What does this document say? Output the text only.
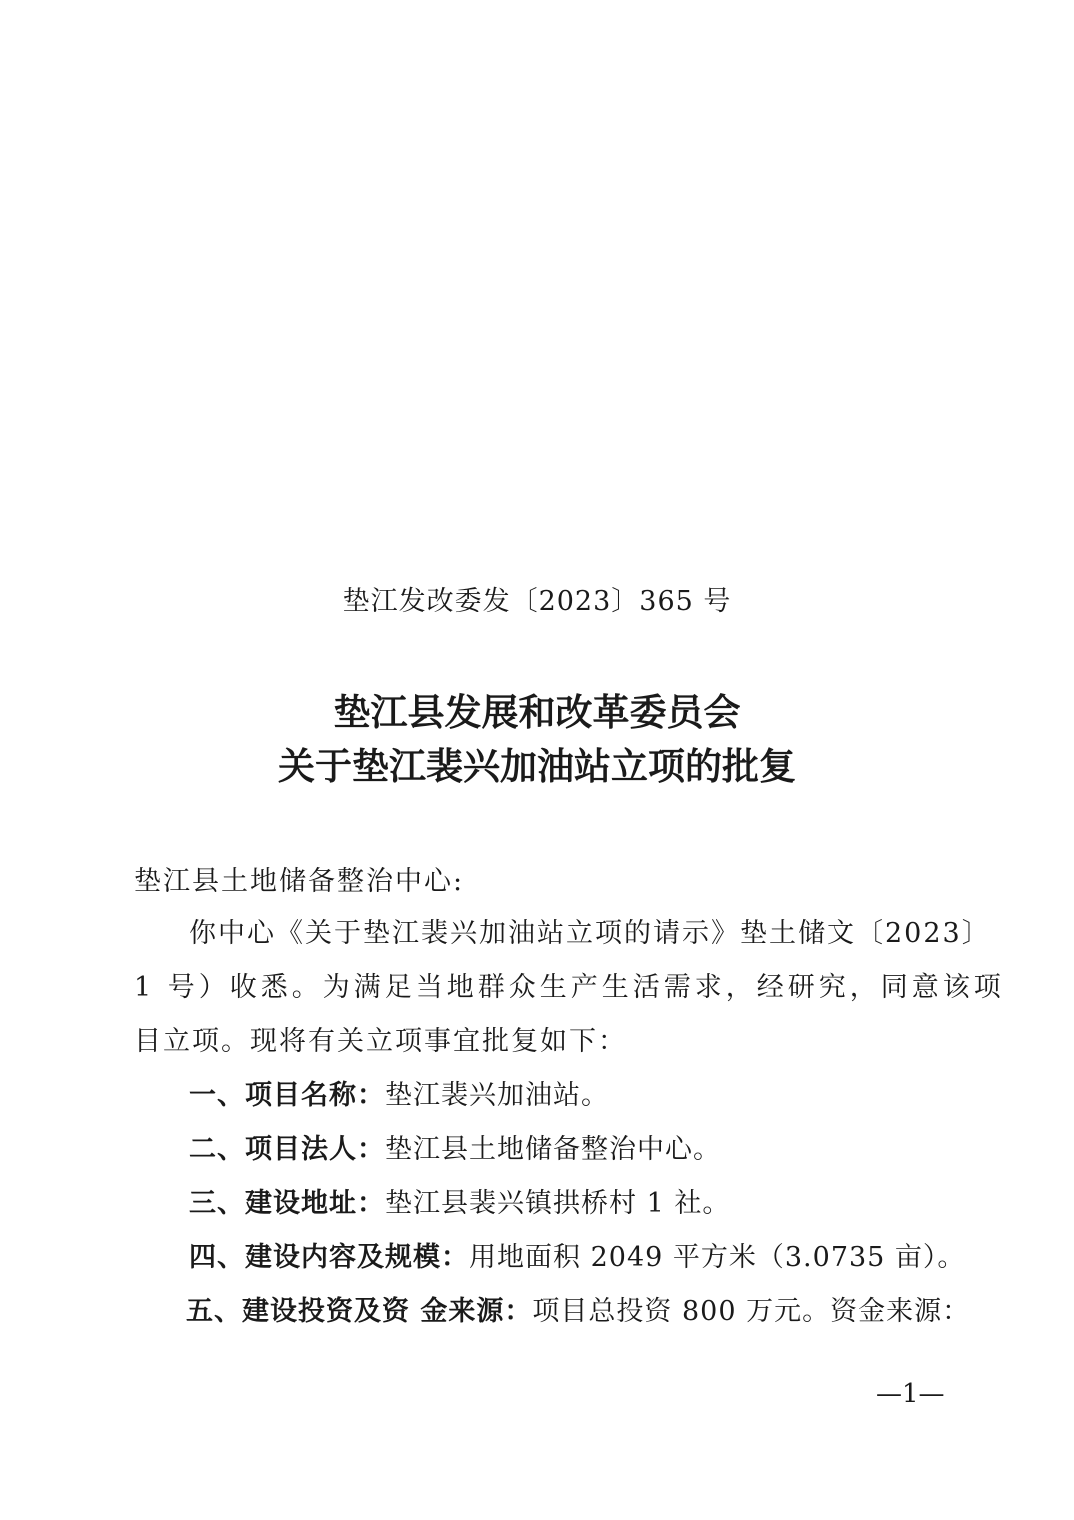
垫江发改委发〔2023〕365 号
垫江县发展和改革委员会
关于垫江裴兴加油站立项的批复
垫江县土地储备整治中心:
你中心《关于垫江裴兴加油站立项的请示》垫土储文〔2023〕
1 号）收悉。为满足当地群众生产生活需求，经研究，同意该项
目立项。现将有关立项事宜批复如下：
一、项目名称：垫江裴兴加油站。
二、项目法人：垫江县土地储备整治中心。
三、建设地址：垫江县裴兴镇拱桥村 1 社。
四、建设内容及规模：用地面积 2049 平方米（3.0735 亩）。
五、建设投资及资 金来源：项目总投资 800 万元。资金来源：
—1—
